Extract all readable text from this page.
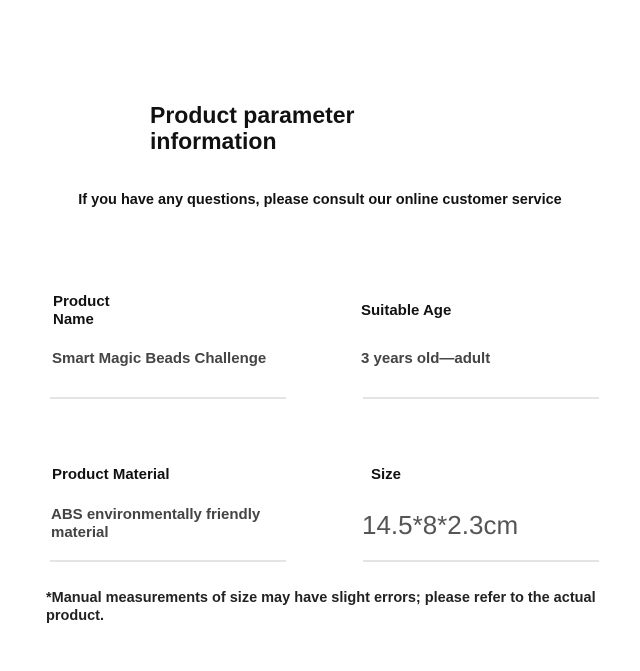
Product parameter information
If you have any questions, please consult our online customer service
Product Name
Smart Magic Beads Challenge
Suitable Age
3 years old—adult
Product Material
ABS environmentally friendly material
Size
14.5*8*2.3cm
*Manual measurements of size may have slight errors; please refer to the actual product.
